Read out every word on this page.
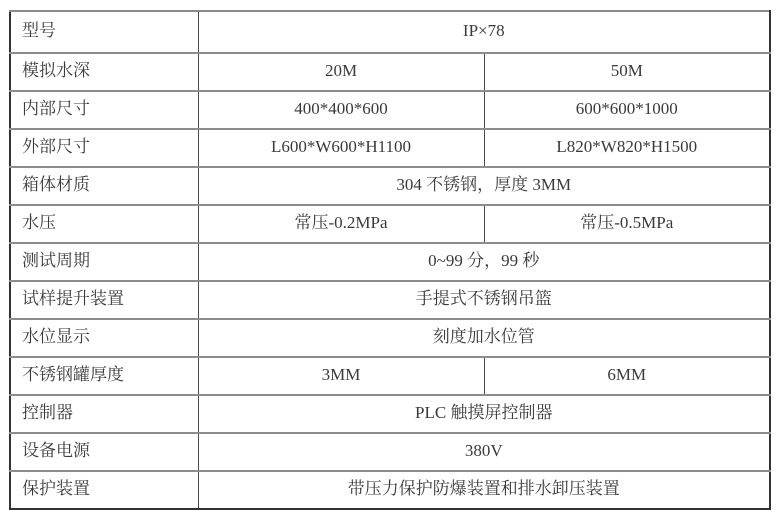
型号	IP×78	
模拟水深	20M	50M
内部尺寸	400*400*600	600*600*1000
外部尺寸	L600*W600*H1100	L820*W820*H1500
箱体材质	304 不锈钢，厚度 3MM	
水压	常压-0.2MPa	常压-0.5MPa
测试周期	0~99 分，99 秒	
试样提升装置	手提式不锈钢吊篮	
水位显示	刻度加水位管	
不锈钢罐厚度	3MM	6MM
控制器	PLC 触摸屏控制器	
设备电源	380V	
保护装置	带压力保护防爆装置和排水卸压装置	
